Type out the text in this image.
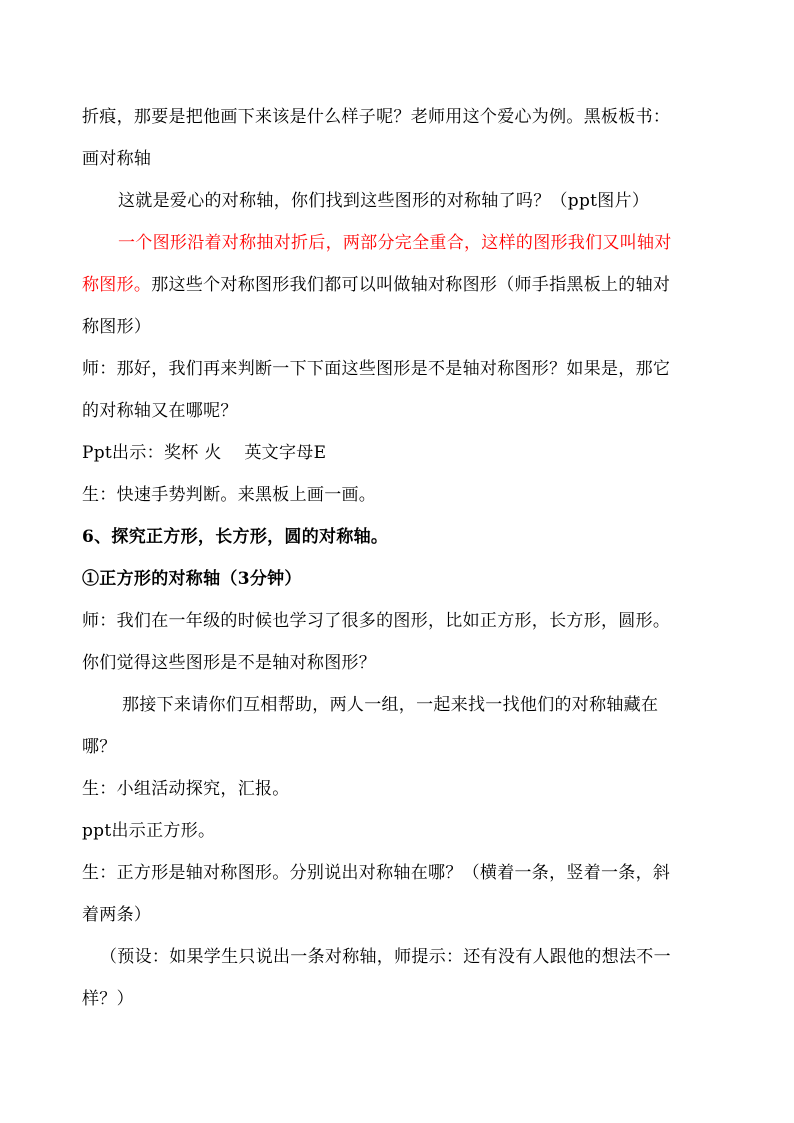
折痕，那要是把他画下来该是什么样子呢？老师用这个爱心为例。黑板板书：
画对称轴
这就是爱心的对称轴，你们找到这些图形的对称轴了吗？（ppt图片）
一个图形沿着对称抽对折后，两部分完全重合，这样的图形我们又叫轴对
称图形。那这些个对称图形我们都可以叫做轴对称图形（师手指黑板上的轴对
称图形）
师：那好，我们再来判断一下下面这些图形是不是轴对称图形？如果是，那它
的对称轴又在哪呢？
Ppt出示：奖杯 火    英文字母E
生：快速手势判断。来黑板上画一画。
6、探究正方形，长方形，圆的对称轴。
①正方形的对称轴（3分钟）
师：我们在一年级的时候也学习了很多的图形，比如正方形，长方形，圆形。
你们觉得这些图形是不是轴对称图形？
那接下来请你们互相帮助，两人一组，一起来找一找他们的对称轴藏在
哪？
生：小组活动探究，汇报。
ppt出示正方形。
生：正方形是轴对称图形。分别说出对称轴在哪？（横着一条，竖着一条，斜
着两条）
（预设：如果学生只说出一条对称轴，师提示：还有没有人跟他的想法不一
样？）
